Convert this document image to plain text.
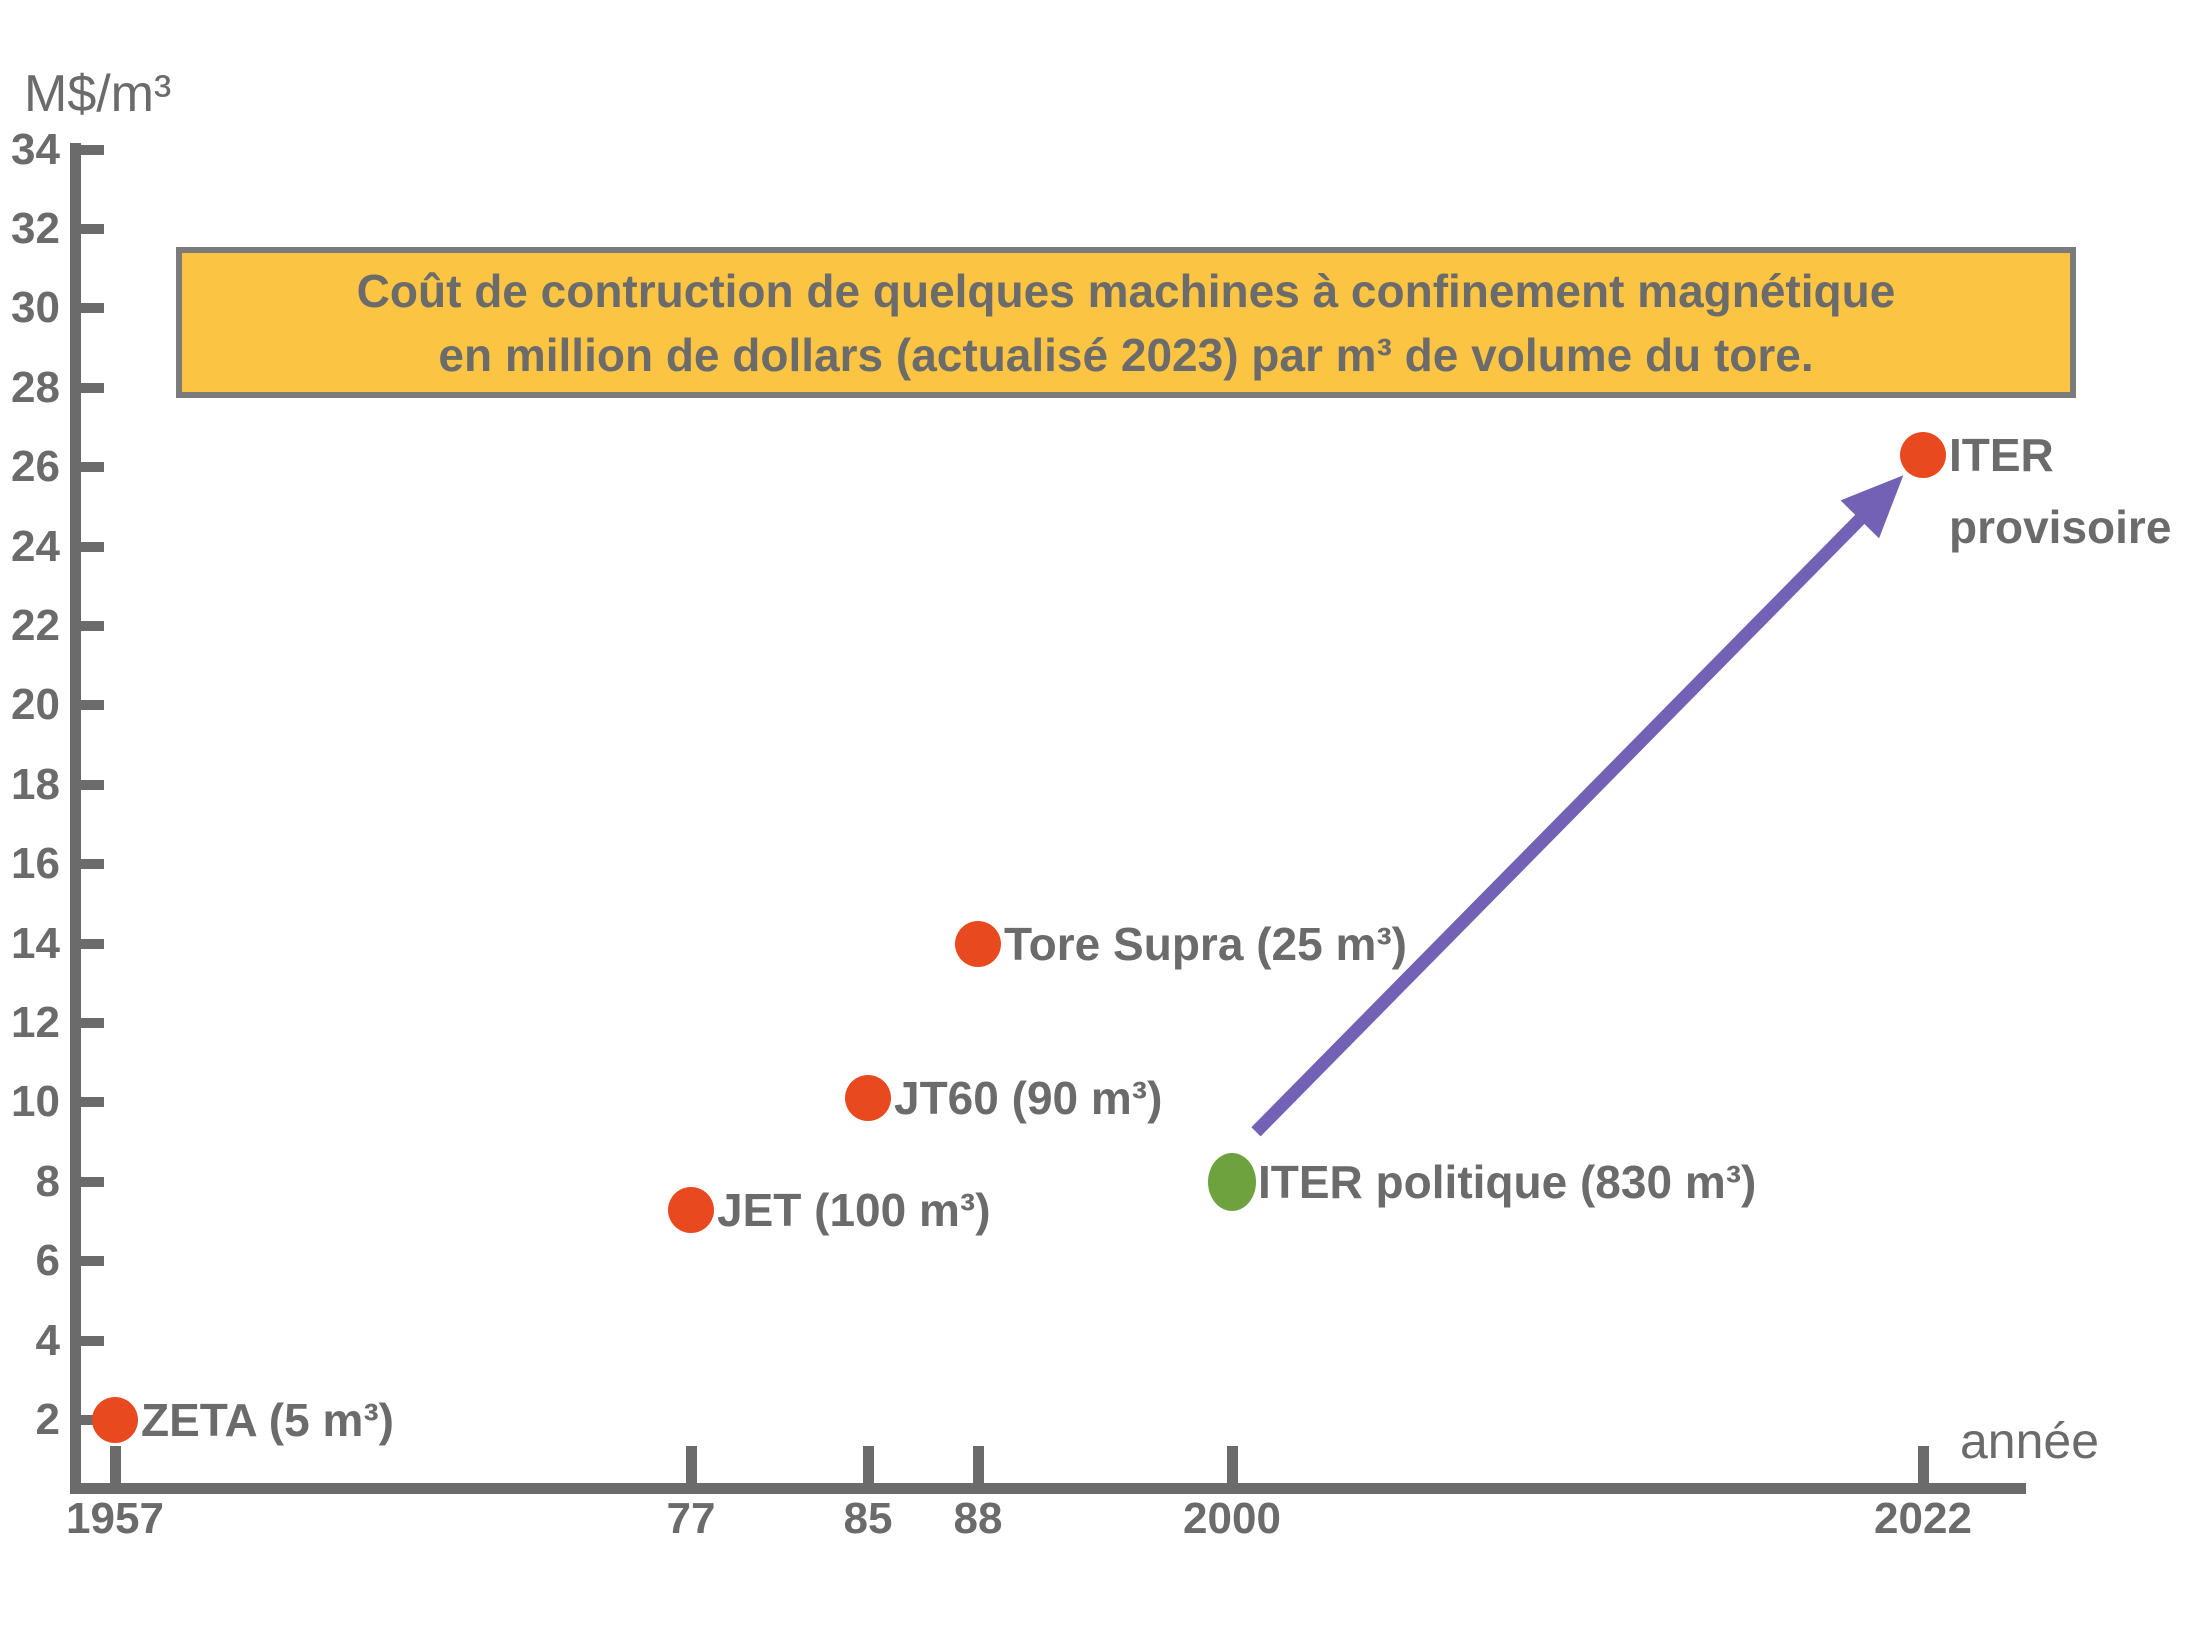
M$/m³
année
Coût de contruction de quelques machines à confinement magnétique
en million de dollars (actualisé 2023) par m³ de volume du tore.
2
4
6
8
10
12
14
16
18
20
22
24
26
28
30
32
34
1957	77	85	88	2000	2022
ZETA (5 m³)
JET (100 m³)
JT60 (90 m³)
Tore Supra (25 m³)
ITER politique (830 m³)
ITER
provisoire
